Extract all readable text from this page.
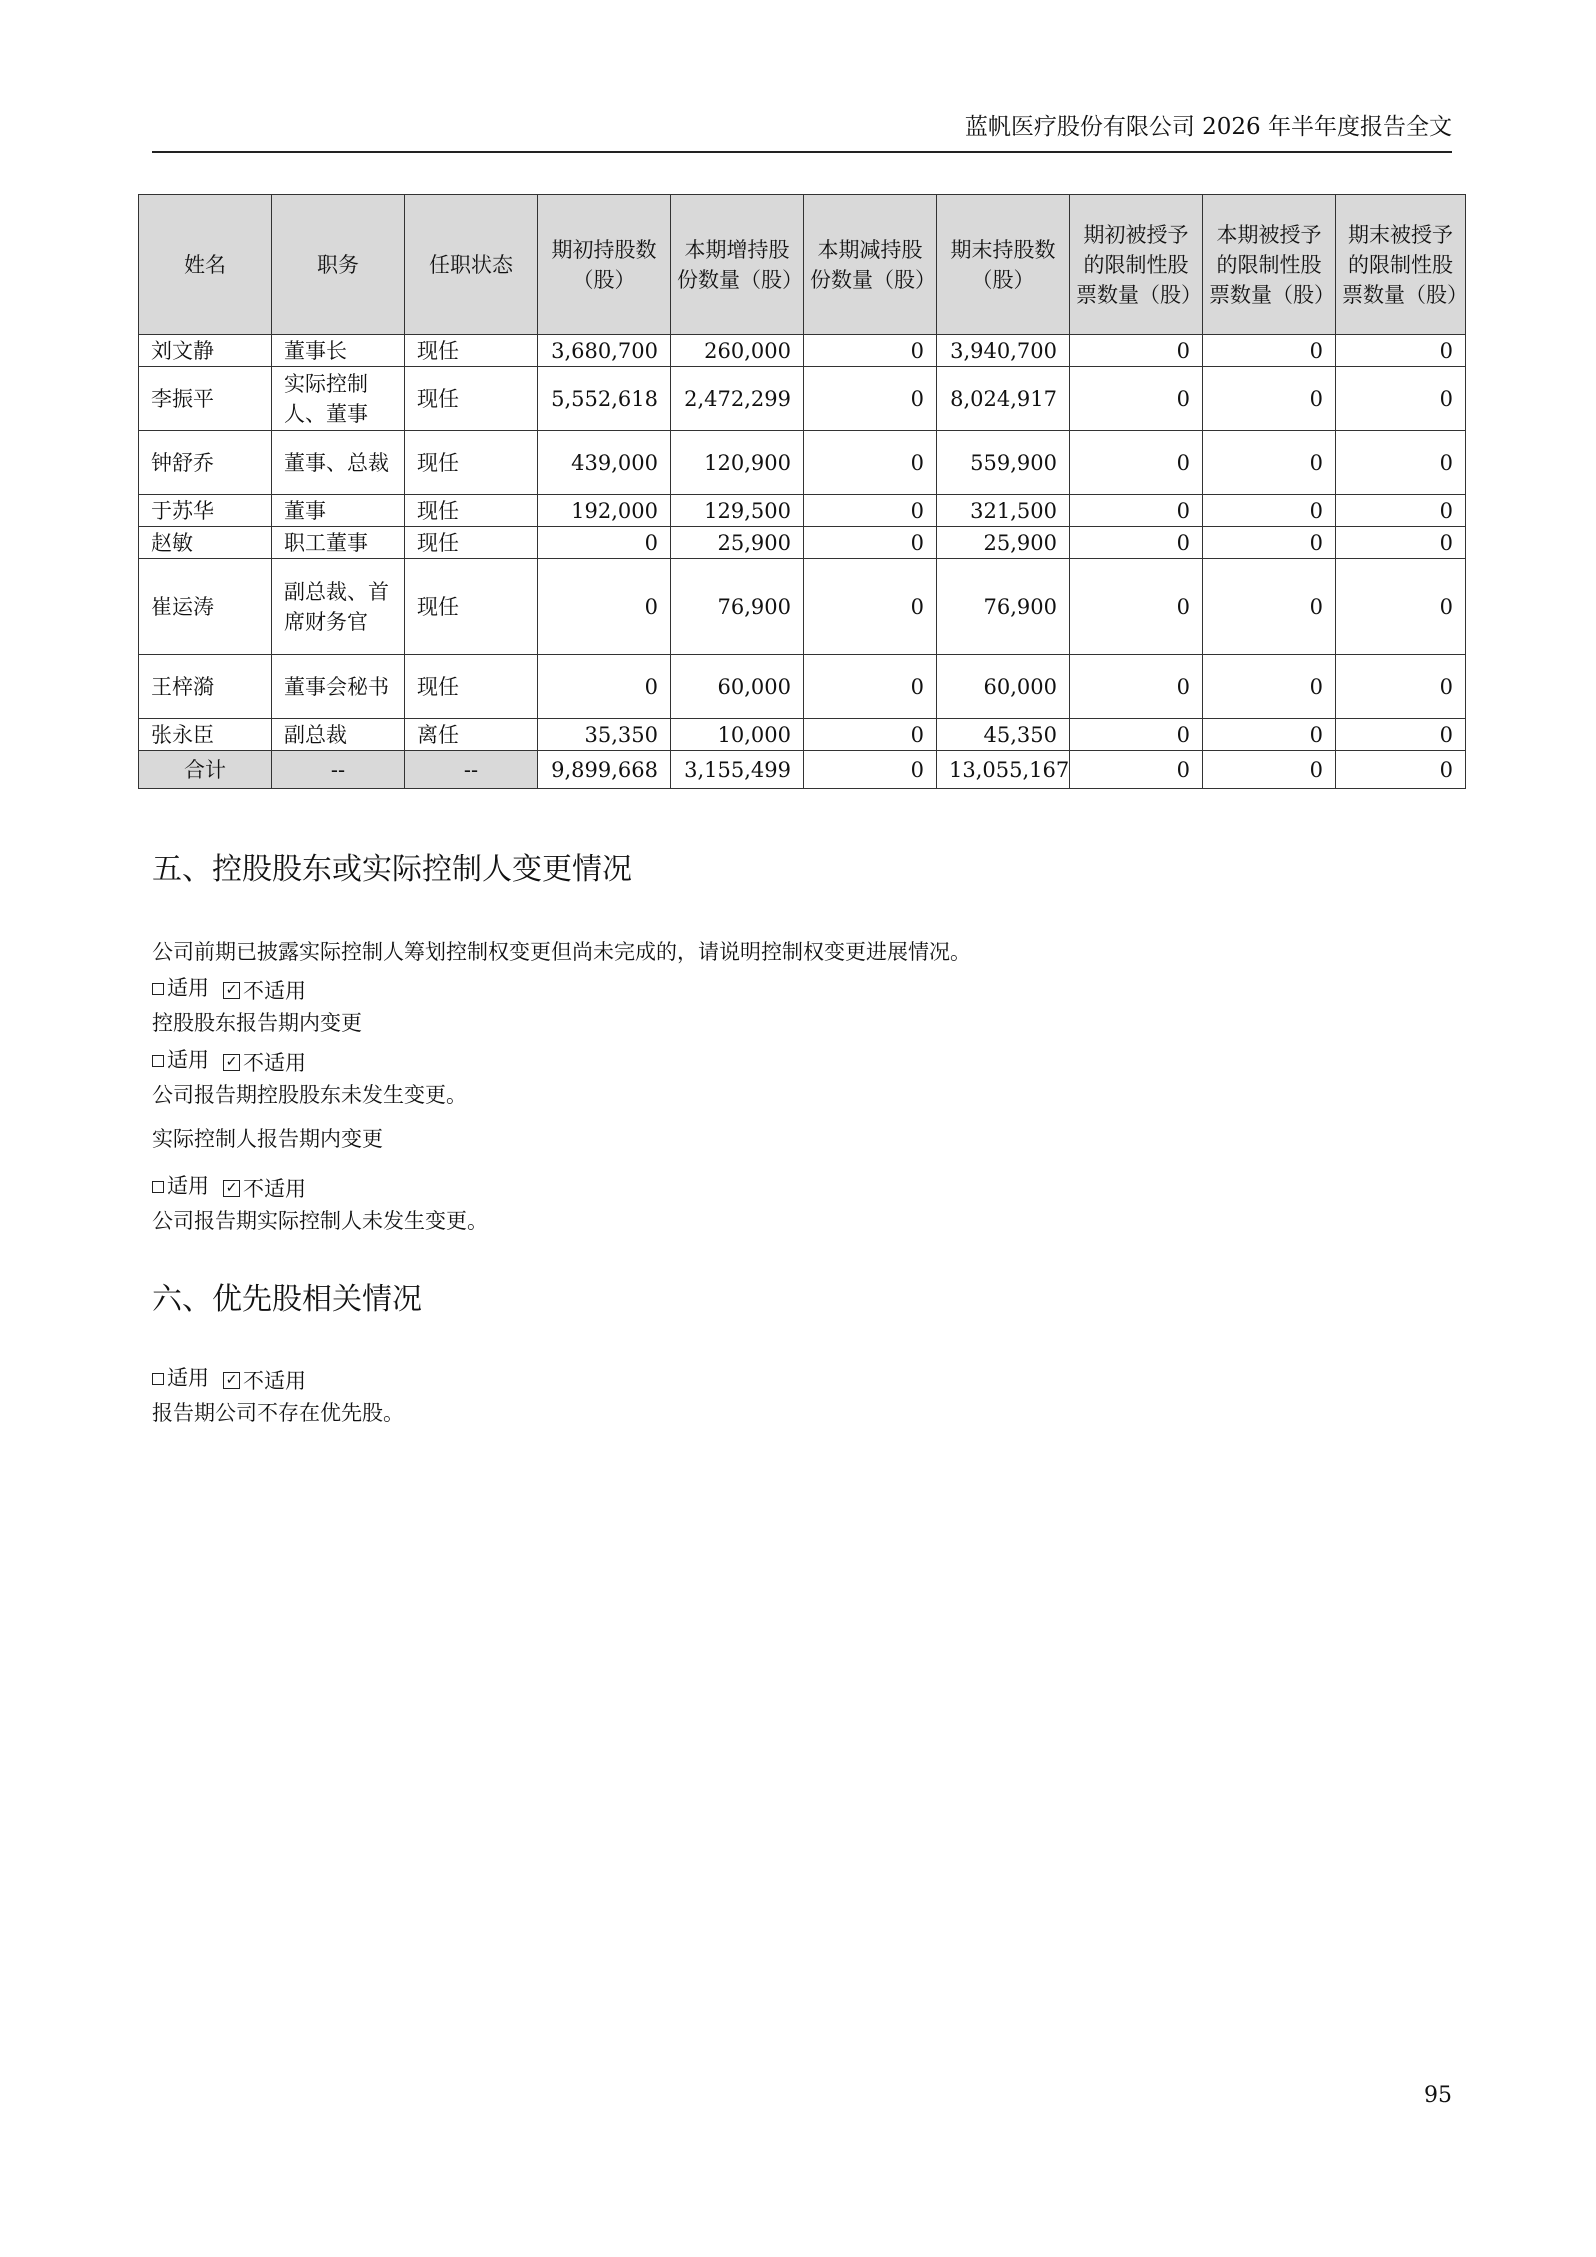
蓝帆医疗股份有限公司 2026 年半年度报告全文
姓名	职务	任职状态	期初持股数（股）	本期增持股份数量（股）	本期减持股份数量（股）	期末持股数（股）	期初被授予的限制性股票数量（股）	本期被授予的限制性股票数量（股）	期末被授予的限制性股票数量（股）
刘文静	董事长	现任	3,680,700	260,000	0	3,940,700	0	0	0
李振平	实际控制人、董事	现任	5,552,618	2,472,299	0	8,024,917	0	0	0
钟舒乔	董事、总裁	现任	439,000	120,900	0	559,900	0	0	0
于苏华	董事	现任	192,000	129,500	0	321,500	0	0	0
赵敏	职工董事	现任	0	25,900	0	25,900	0	0	0
崔运涛	副总裁、首席财务官	现任	0	76,900	0	76,900	0	0	0
王梓漪	董事会秘书	现任	0	60,000	0	60,000	0	0	0
张永臣	副总裁	离任	35,350	10,000	0	45,350	0	0	0
合计	--	--	9,899,668	3,155,499	0	13,055,167	0	0	0
五、控股股东或实际控制人变更情况
公司前期已披露实际控制人筹划控制权变更但尚未完成的，请说明控制权变更进展情况。
适用 ✓ 不适用
控股股东报告期内变更
适用 ✓ 不适用
公司报告期控股股东未发生变更。
实际控制人报告期内变更
适用 ✓ 不适用
公司报告期实际控制人未发生变更。
六、优先股相关情况
适用 ✓ 不适用
报告期公司不存在优先股。
95
